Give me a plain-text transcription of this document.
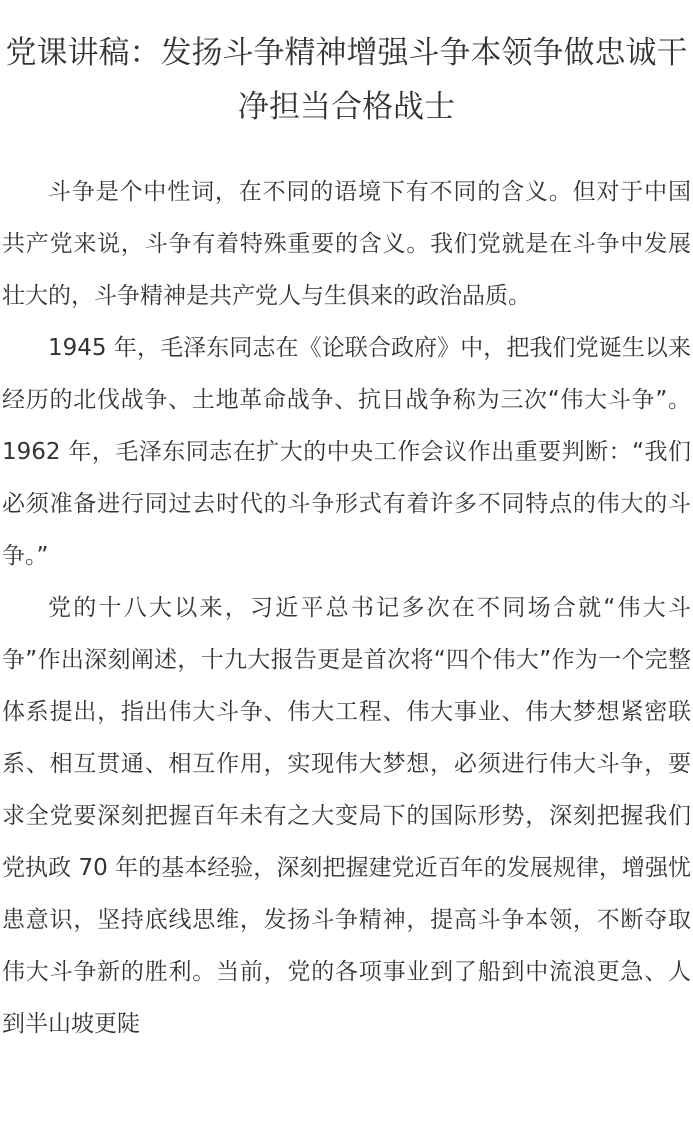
党课讲稿：发扬斗争精神增强斗争本领争做忠诚干净担当合格战士

斗争是个中性词，在不同的语境下有不同的含义。但对于中国共产党来说，斗争有着特殊重要的含义。我们党就是在斗争中发展壮大的，斗争精神是共产党人与生俱来的政治品质。

1945 年，毛泽东同志在《论联合政府》中，把我们党诞生以来经历的北伐战争、土地革命战争、抗日战争称为三次“伟大斗争”。1962 年，毛泽东同志在扩大的中央工作会议作出重要判断：“我们必须准备进行同过去时代的斗争形式有着许多不同特点的伟大的斗争。”

党的十八大以来，习近平总书记多次在不同场合就“伟大斗争”作出深刻阐述，十九大报告更是首次将“四个伟大”作为一个完整体系提出，指出伟大斗争、伟大工程、伟大事业、伟大梦想紧密联系、相互贯通、相互作用，实现伟大梦想，必须进行伟大斗争，要求全党要深刻把握百年未有之大变局下的国际形势，深刻把握我们党执政 70 年的基本经验，深刻把握建党近百年的发展规律，增强忧患意识，坚持底线思维，发扬斗争精神，提高斗争本领，不断夺取伟大斗争新的胜利。当前，党的各项事业到了船到中流浪更急、人到半山坡更陡
